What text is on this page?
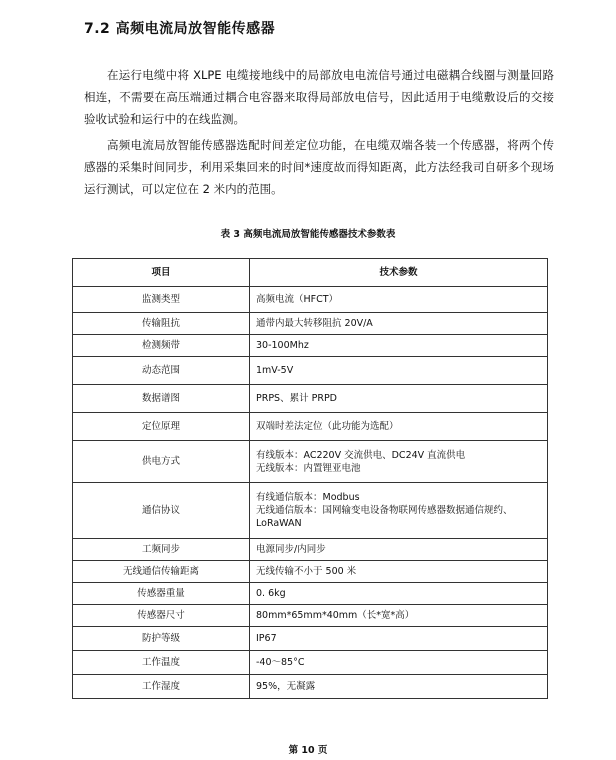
7.2 高频电流局放智能传感器

在运行电缆中将 XLPE 电缆接地线中的局部放电电流信号通过电磁耦合线圈与测量回路相连，不需要在高压端通过耦合电容器来取得局部放电信号，因此适用于电缆敷设后的交接验收试验和运行中的在线监测。

高频电流局放智能传感器选配时间差定位功能，在电缆双端各装一个传感器，将两个传感器的采集时间同步，利用采集回来的时间*速度故而得知距离，此方法经我司自研多个现场运行测试，可以定位在 2 米内的范围。

表 3 高频电流局放智能传感器技术参数表
项目	技术参数
监测类型	高频电流（HFCT）
传输阻抗	通带内最大转移阻抗 20V/A
检测频带	30-100Mhz
动态范围	1mV-5V
数据谱图	PRPS、累计 PRPD
定位原理	双端时差法定位（此功能为选配）
供电方式	有线版本：AC220V 交流供电、DC24V 直流供电
无线版本：内置锂亚电池

通信协议	有线通信版本：Modbus
无线通信版本：国网输变电设备物联网传感器数据通信规约、LoRaWAN

工频同步	电源同步/内同步
无线通信传输距离	无线传输不小于 500 米
传感器重量	0. 6kg
传感器尺寸	80mm*65mm*40mm（长*宽*高）
防护等级	IP67
工作温度	-40～85°C
工作湿度	95%，无凝露
第 10 页
